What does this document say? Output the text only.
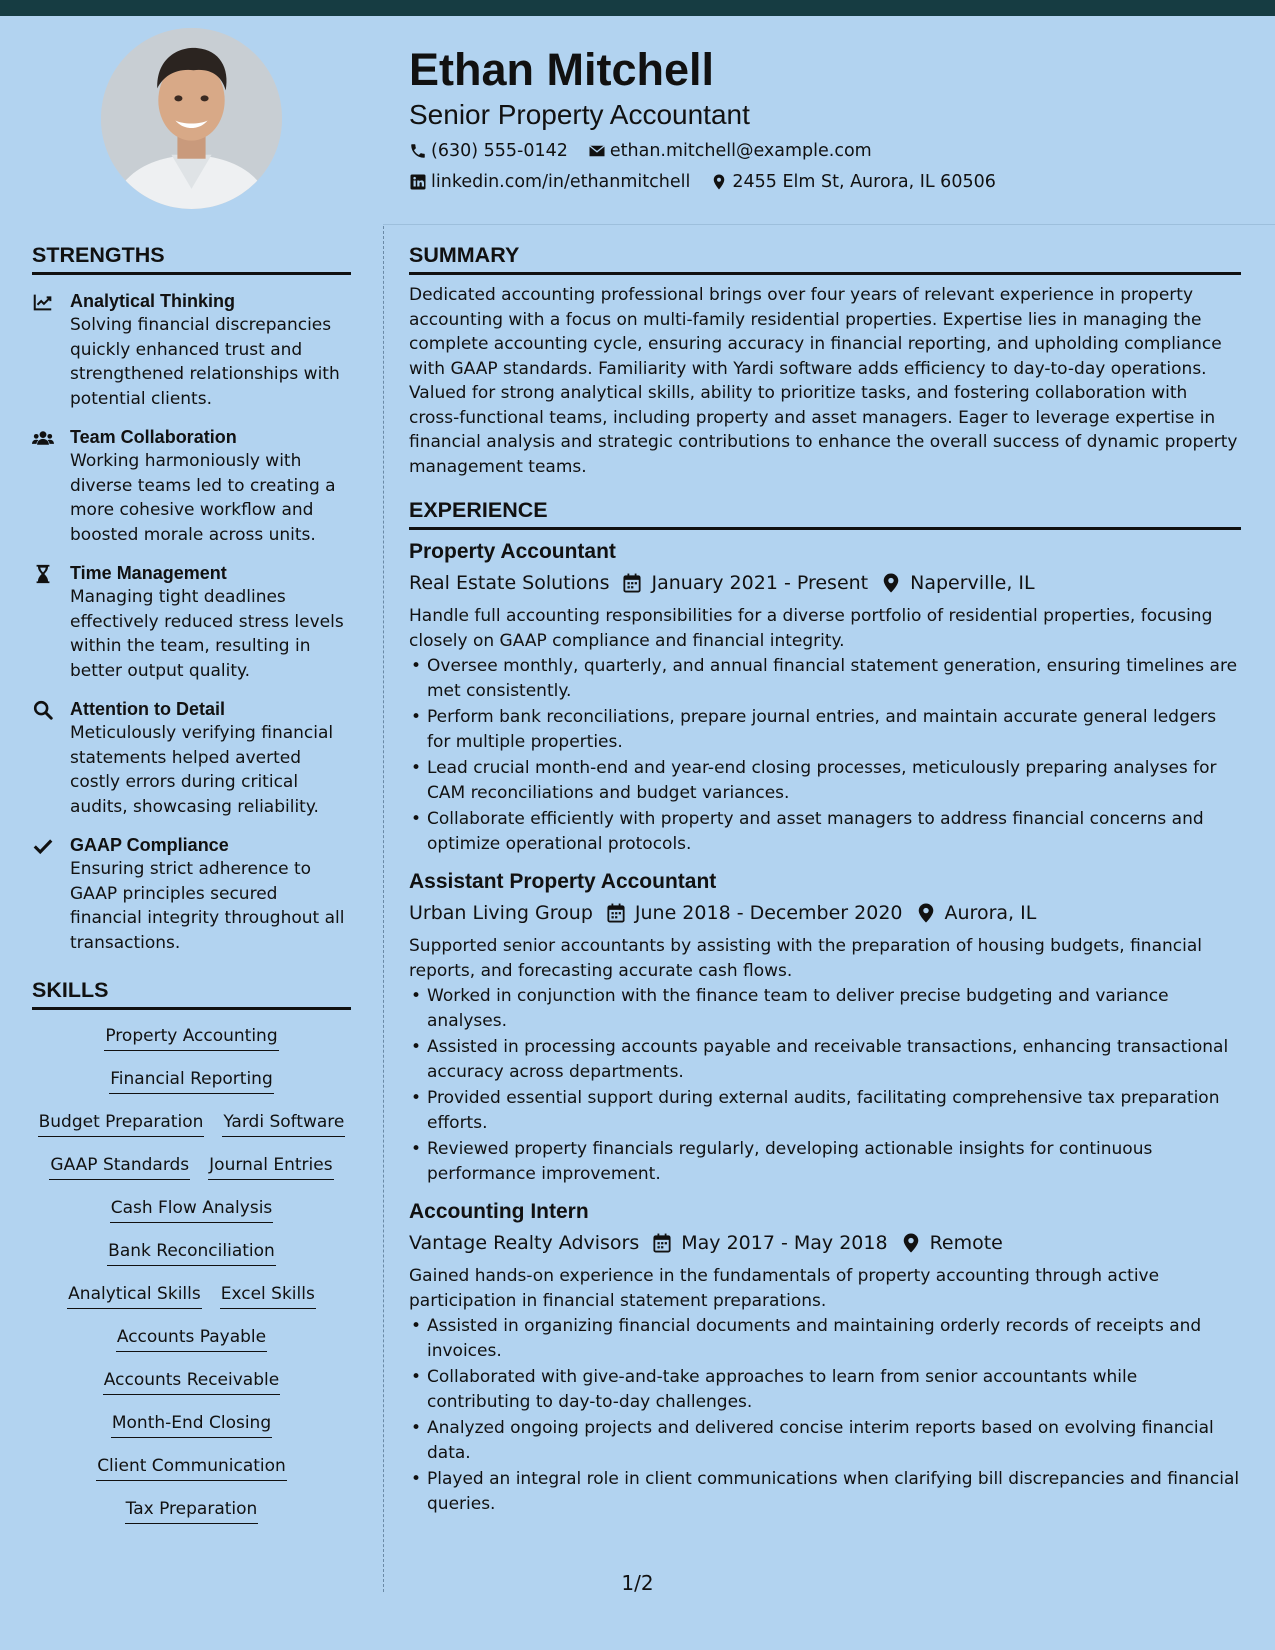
Ethan Mitchell
Senior Property Accountant
(630) 555-0142 ethan.mitchell@example.com
linkedin.com/in/ethanmitchell 2455 Elm St, Aurora, IL 60506
STRENGTHS
Analytical Thinking
Solving financial discrepancies quickly enhanced trust and strengthened relationships with potential clients.
Team Collaboration
Working harmoniously with diverse teams led to creating a more cohesive workflow and boosted morale across units.
Time Management
Managing tight deadlines effectively reduced stress levels within the team, resulting in better output quality.
Attention to Detail
Meticulously verifying financial statements helped averted costly errors during critical audits, showcasing reliability.
GAAP Compliance
Ensuring strict adherence to GAAP principles secured financial integrity throughout all transactions.
SKILLS
Property Accounting
Financial Reporting
Budget Preparation Yardi Software
GAAP Standards Journal Entries
Cash Flow Analysis
Bank Reconciliation
Analytical Skills Excel Skills
Accounts Payable
Accounts Receivable
Month-End Closing
Client Communication
Tax Preparation
SUMMARY
Dedicated accounting professional brings over four years of relevant experience in property accounting with a focus on multi-family residential properties. Expertise lies in managing the complete accounting cycle, ensuring accuracy in financial reporting, and upholding compliance with GAAP standards. Familiarity with Yardi software adds efficiency to day-to-day operations. Valued for strong analytical skills, ability to prioritize tasks, and fostering collaboration with cross-functional teams, including property and asset managers. Eager to leverage expertise in financial analysis and strategic contributions to enhance the overall success of dynamic property management teams.
EXPERIENCE
Property Accountant
Real Estate Solutions January 2021 - Present Naperville, IL
Handle full accounting responsibilities for a diverse portfolio of residential properties, focusing closely on GAAP compliance and financial integrity.
• Oversee monthly, quarterly, and annual financial statement generation, ensuring timelines are met consistently.
• Perform bank reconciliations, prepare journal entries, and maintain accurate general ledgers for multiple properties.
• Lead crucial month-end and year-end closing processes, meticulously preparing analyses for CAM reconciliations and budget variances.
• Collaborate efficiently with property and asset managers to address financial concerns and optimize operational protocols.
Assistant Property Accountant
Urban Living Group June 2018 - December 2020 Aurora, IL
Supported senior accountants by assisting with the preparation of housing budgets, financial reports, and forecasting accurate cash flows.
• Worked in conjunction with the finance team to deliver precise budgeting and variance analyses.
• Assisted in processing accounts payable and receivable transactions, enhancing transactional accuracy across departments.
• Provided essential support during external audits, facilitating comprehensive tax preparation efforts.
• Reviewed property financials regularly, developing actionable insights for continuous performance improvement.
Accounting Intern
Vantage Realty Advisors May 2017 - May 2018 Remote
Gained hands-on experience in the fundamentals of property accounting through active participation in financial statement preparations.
• Assisted in organizing financial documents and maintaining orderly records of receipts and invoices.
• Collaborated with give-and-take approaches to learn from senior accountants while contributing to day-to-day challenges.
• Analyzed ongoing projects and delivered concise interim reports based on evolving financial data.
• Played an integral role in client communications when clarifying bill discrepancies and financial queries.
1/2
